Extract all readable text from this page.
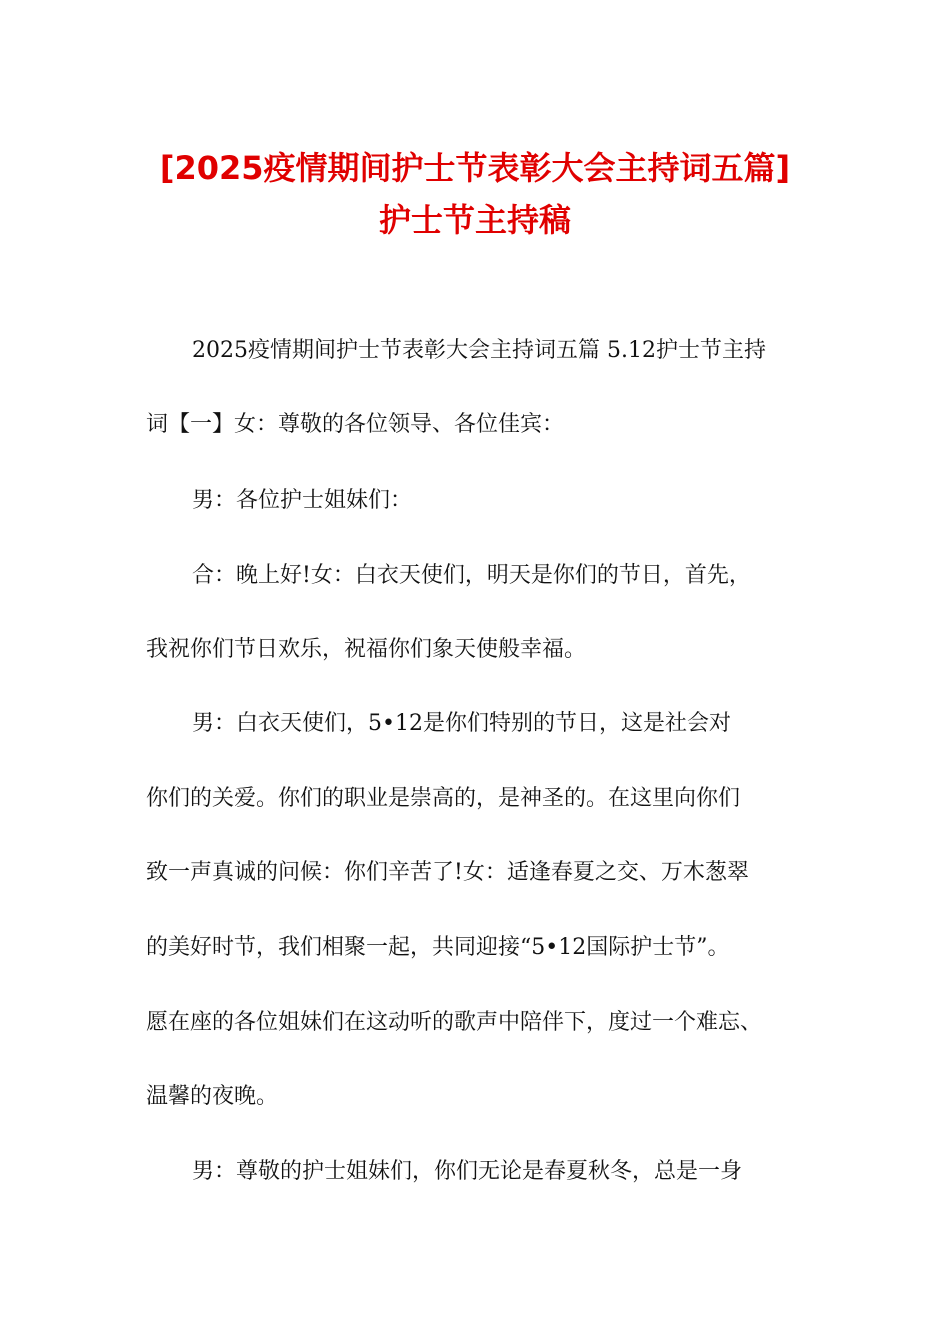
[2025疫情期间护士节表彰大会主持词五篇]
护士节主持稿
2025疫情期间护士节表彰大会主持词五篇 5.12护士节主持
词【一】女：尊敬的各位领导、各位佳宾：
男：各位护士姐妹们：
合：晚上好!女：白衣天使们，明天是你们的节日，首先，
我祝你们节日欢乐，祝福你们象天使般幸福。
男：白衣天使们，5•12是你们特别的节日，这是社会对
你们的关爱。你们的职业是崇高的，是神圣的。在这里向你们
致一声真诚的问候：你们辛苦了!女：适逢春夏之交、万木葱翠
的美好时节，我们相聚一起，共同迎接“5•12国际护士节”。
愿在座的各位姐妹们在这动听的歌声中陪伴下，度过一个难忘、
温馨的夜晚。
男：尊敬的护士姐妹们，你们无论是春夏秋冬，总是一身
